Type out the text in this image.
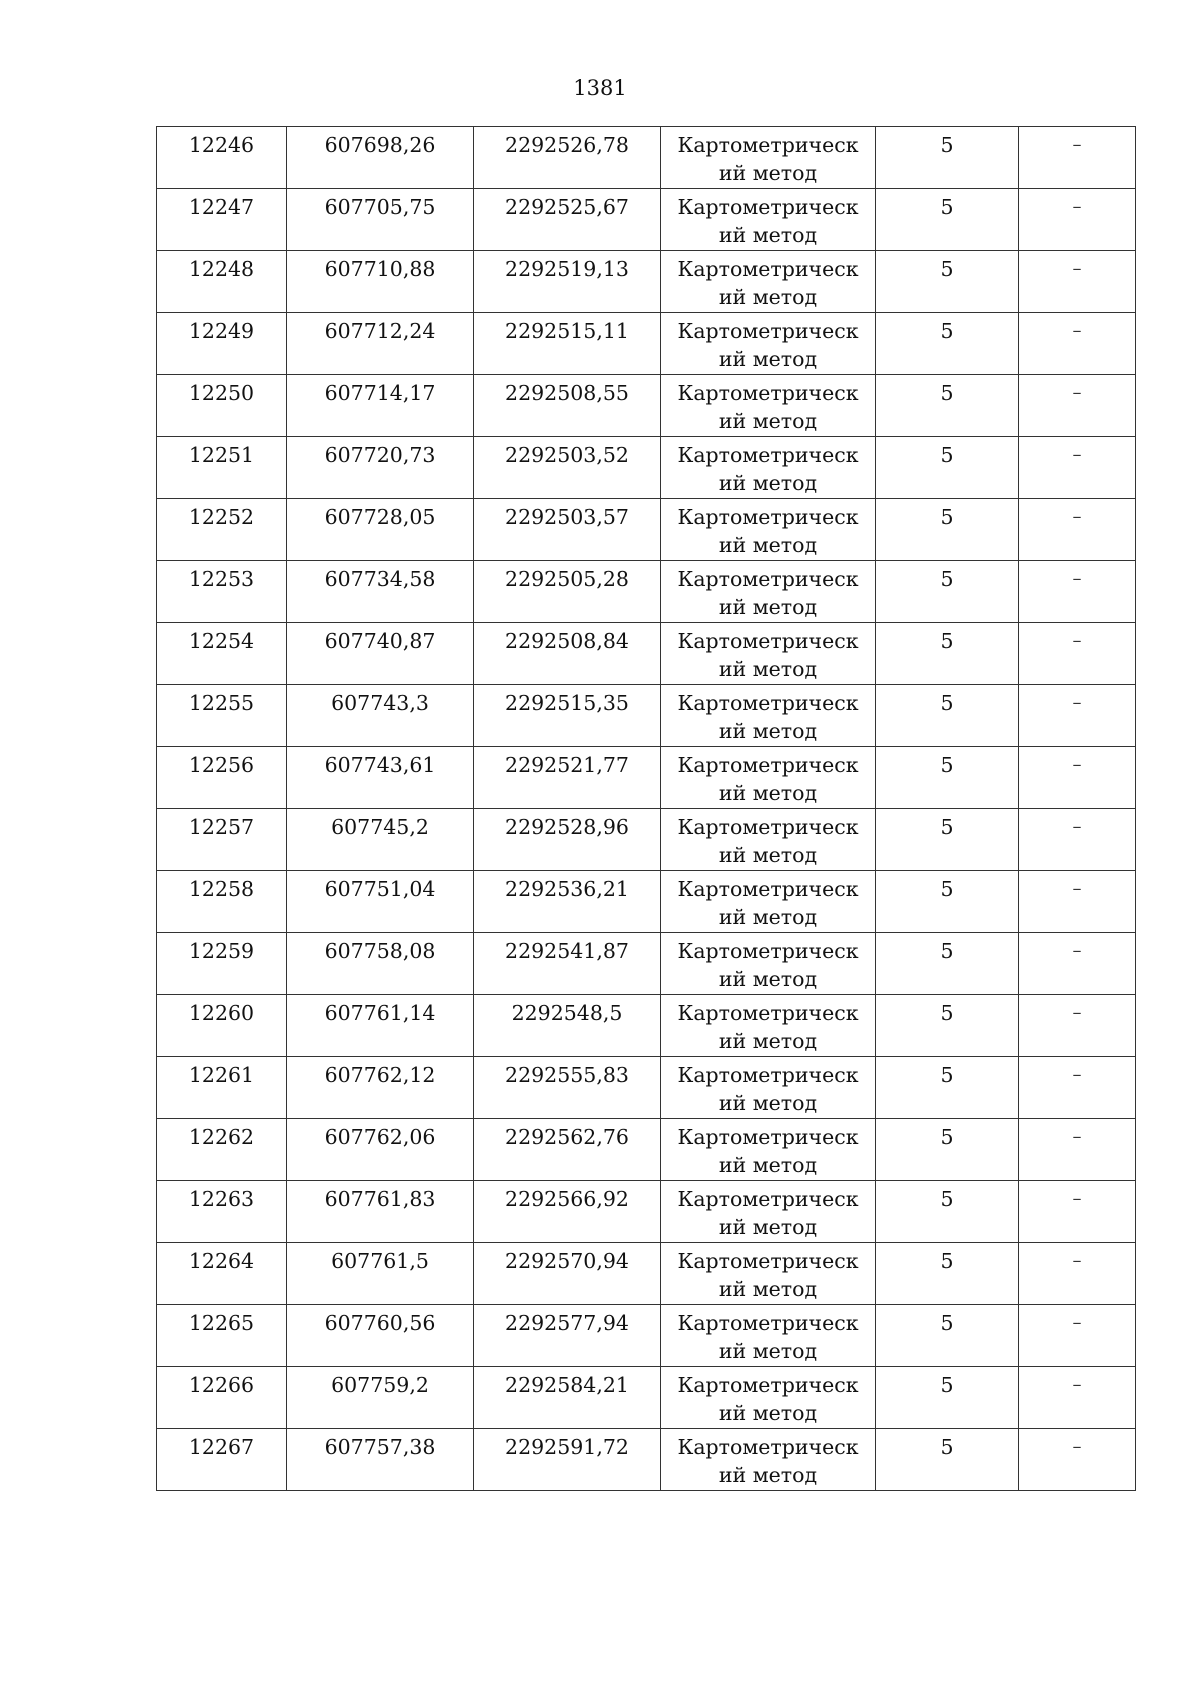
1381
12246	607698,26	2292526,78	Картометрический метод	5	–
12247	607705,75	2292525,67	Картометрический метод	5	–
12248	607710,88	2292519,13	Картометрический метод	5	–
12249	607712,24	2292515,11	Картометрический метод	5	–
12250	607714,17	2292508,55	Картометрический метод	5	–
12251	607720,73	2292503,52	Картометрический метод	5	–
12252	607728,05	2292503,57	Картометрический метод	5	–
12253	607734,58	2292505,28	Картометрический метод	5	–
12254	607740,87	2292508,84	Картометрический метод	5	–
12255	607743,3	2292515,35	Картометрический метод	5	–
12256	607743,61	2292521,77	Картометрический метод	5	–
12257	607745,2	2292528,96	Картометрический метод	5	–
12258	607751,04	2292536,21	Картометрический метод	5	–
12259	607758,08	2292541,87	Картометрический метод	5	–
12260	607761,14	2292548,5	Картометрический метод	5	–
12261	607762,12	2292555,83	Картометрический метод	5	–
12262	607762,06	2292562,76	Картометрический метод	5	–
12263	607761,83	2292566,92	Картометрический метод	5	–
12264	607761,5	2292570,94	Картометрический метод	5	–
12265	607760,56	2292577,94	Картометрический метод	5	–
12266	607759,2	2292584,21	Картометрический метод	5	–
12267	607757,38	2292591,72	Картометрический метод	5	–
